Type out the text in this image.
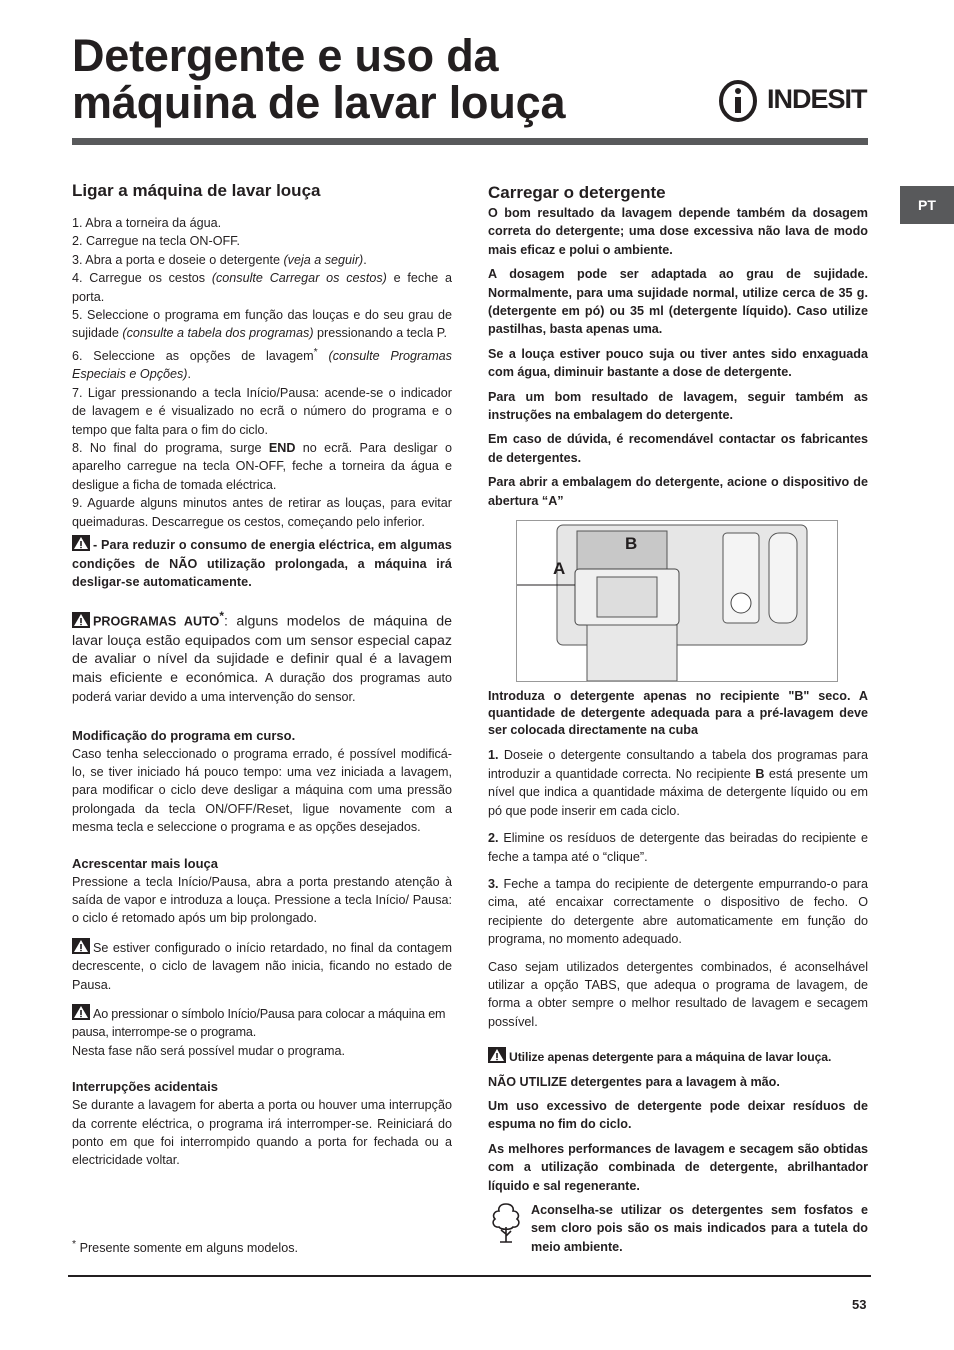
Detergente e uso da
máquina de lavar louça	INDESIT
PT
Ligar a máquina de lavar louça

1. Abra a torneira da água.

2. Carregue na tecla ON-OFF.

3. Abra a porta e doseie o detergente (veja a seguir).

4. Carregue os cestos (consulte Carregar os cestos) e feche a porta.

5. Seleccione o programa em função das louças e do seu grau de sujidade (consulte a tabela dos programas) pressionando a tecla P.

6. Seleccione as opções de lavagem* (consulte Programas Especiais e Opções).

7. Ligar pressionando a tecla Início/Pausa: acende-se o indicador de lavagem e é visualizado no ecrã o número do programa e o tempo que falta para o fim do ciclo.

8. No final do programa, surge END no ecrã. Para desligar o aparelho carregue na tecla ON-OFF, feche a torneira da água e desligue a ficha de tomada eléctrica.

9. Aguarde alguns minutos antes de retirar as louças, para evitar queimaduras. Descarregue os cestos, começando pelo inferior.

- Para reduzir o consumo de energia eléctrica, em algumas condições de NÃO utilização prolongada, a máquina irá desligar-se automaticamente.

PROGRAMAS AUTO*: alguns modelos de máquina de lavar louça estão equipados com um sensor especial capaz de avaliar o nível da sujidade e definir qual é a lavagem mais eficiente e económica. A duração dos programas auto poderá variar devido a uma intervenção do sensor.

Modificação do programa em curso.

Caso tenha seleccionado o programa errado, é possível modificá-lo, se tiver iniciado há pouco tempo: uma vez iniciada a lavagem, para modificar o ciclo deve desligar a máquina com uma pressão prolongada da tecla ON/OFF/Reset, ligue novamente com a mesma tecla e seleccione o programa e as opções desejados.

Acrescentar mais louça

Pressione a tecla Início/Pausa, abra a porta prestando atenção à saída de vapor e introduza a louça. Pressione a tecla Início/ Pausa: o ciclo é retomado após um bip prolongado.

Se estiver configurado o início retardado, no final da contagem decrescente, o ciclo de lavagem não inicia, ficando no estado de Pausa.

Ao pressionar o símbolo Início/Pausa para colocar a máquina em pausa, interrompe-se o programa.

Nesta fase não será possível mudar o programa.

Interrupções acidentais

Se durante a lavagem for aberta a porta ou houver uma interrupção da corrente eléctrica, o programa irá interromper-se. Reiniciará do ponto em que foi interrompido quando a porta for fechada ou a electricidade voltar.

* Presente somente em alguns modelos.
Carregar o detergente

O bom resultado da lavagem depende também da dosagem correta do detergente; uma dose excessiva não lava de modo mais eficaz e polui o ambiente.

A dosagem pode ser adaptada ao grau de sujidade. Normalmente, para uma sujidade normal, utilize cerca de 35 g. (detergente em pó) ou 35 ml (detergente líquido). Caso utilize pastilhas, basta apenas uma.

Se a louça estiver pouco suja ou tiver antes sido enxaguada com água, diminuir bastante a dose de detergente.

Para um bom resultado de lavagem, seguir também as instruções na embalagem do detergente.

Em caso de dúvida, é recomendável contactar os fabricantes de detergentes.

Para abrir a embalagem do detergente, acione o dispositivo de abertura “A”

B
A

Introduza o detergente apenas no recipiente "B" seco. A quantidade de detergente adequada para a pré-lavagem deve ser colocada directamente na cuba

1. Doseie o detergente consultando a tabela dos programas para introduzir a quantidade correcta. No recipiente B está presente um nível que indica a quantidade máxima de detergente líquido ou em pó que pode inserir em cada ciclo.

2. Elimine os resíduos de detergente das beiradas do recipiente e feche a tampa até o “clique”.

3. Feche a tampa do recipiente de detergente empurrando-o para cima, até encaixar correctamente o dispositivo de fecho. O recipiente do detergente abre automaticamente em função do programa, no momento adequado.

Caso sejam utilizados detergentes combinados, é aconselhável utilizar a opção TABS, que adequa o programa de lavagem, de forma a obter sempre o melhor resultado de lavagem e secagem possível.

Utilize apenas detergente para a máquina de lavar louça.

NÃO UTILIZE detergentes para a lavagem à mão.

Um uso excessivo de detergente pode deixar resíduos de espuma no fim do ciclo.

As melhores performances de lavagem e secagem são obtidas com a utilização combinada de detergente, abrilhantador líquido e sal regenerante.

Aconselha-se utilizar os detergentes sem fosfatos e sem cloro pois são os mais indicados para a tutela do meio ambiente.

53
